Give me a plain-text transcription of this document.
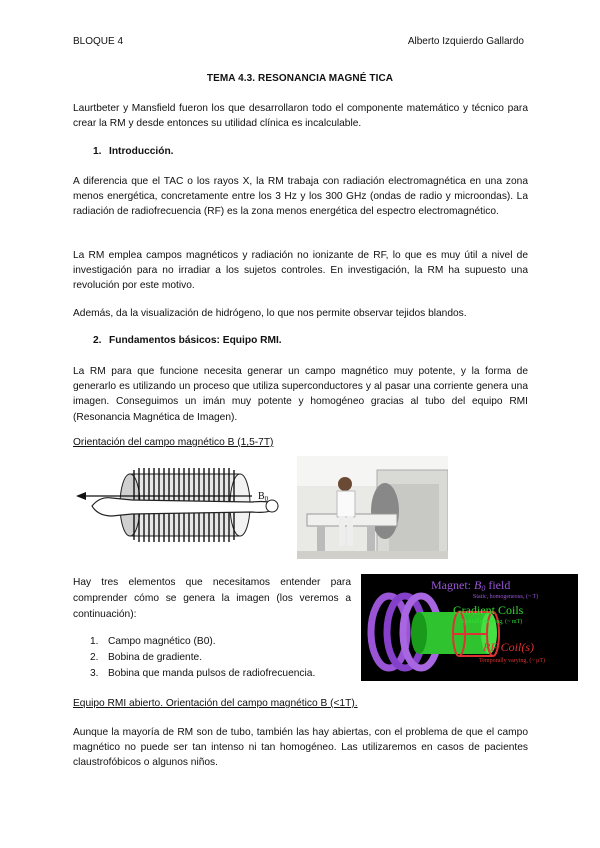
BLOQUE 4	Alberto Izquierdo Gallardo
TEMA 4.3. RESONANCIA MAGNÉ TICA

Laurtbeter y Mansfield fueron los que desarrollaron todo el componente matemático y técnico para crear la RM y desde entonces su utilidad clínica es incalculable.

1. Introducción.

A diferencia que el TAC o los rayos X, la RM trabaja con radiación electromagnética en una zona menos energética, concretamente entre los 3 Hz y los 300 GHz (ondas de radio y microondas). La radiación de radiofrecuencia (RF) es la zona menos energética del espectro electromagnético.

La RM emplea campos magnéticos y radiación no ionizante de RF, lo que es muy útil a nivel de investigación para no irradiar a los sujetos controles. En investigación, la RM ha supuesto una revolución por este motivo.

Además, da la visualización de hidrógeno, lo que nos permite observar tejidos blandos.

2. Fundamentos básicos: Equipo RMI.

La RM para que funcione necesita generar un campo magnético muy potente, y la forma de generarlo es utilizando un proceso que utiliza superconductores y al pasar una corriente genera una imagen. Conseguimos un imán muy potente y homogéneo gracias al tubo del equipo RMI (Resonancia Magnética de Imagen).

Orientación del campo magnético B (1,5-7T)
$B_0$

Hay tres elementos que necesitamos entender para comprender cómo se genera la imagen (los veremos a continuación):

1. Campo magnético (B0).
2. Bobina de gradiente.
3. Bobina que manda pulsos de radiofrecuencia.
Magnet: B0 field
Static, homogeneous, (~ T)
Gradient Coils
Spatially varying, (~ mT)
RF Coil(s)
Temporally varying, (~ μT)
Equipo RMI abierto. Orientación del campo magnético B (<1T).

Aunque la mayoría de RM son de tubo, también las hay abiertas, con el problema de que el campo magnético no puede ser tan intenso ni tan homogéneo. Las utilizaremos en casos de pacientes claustrofóbicos o algunos niños.
